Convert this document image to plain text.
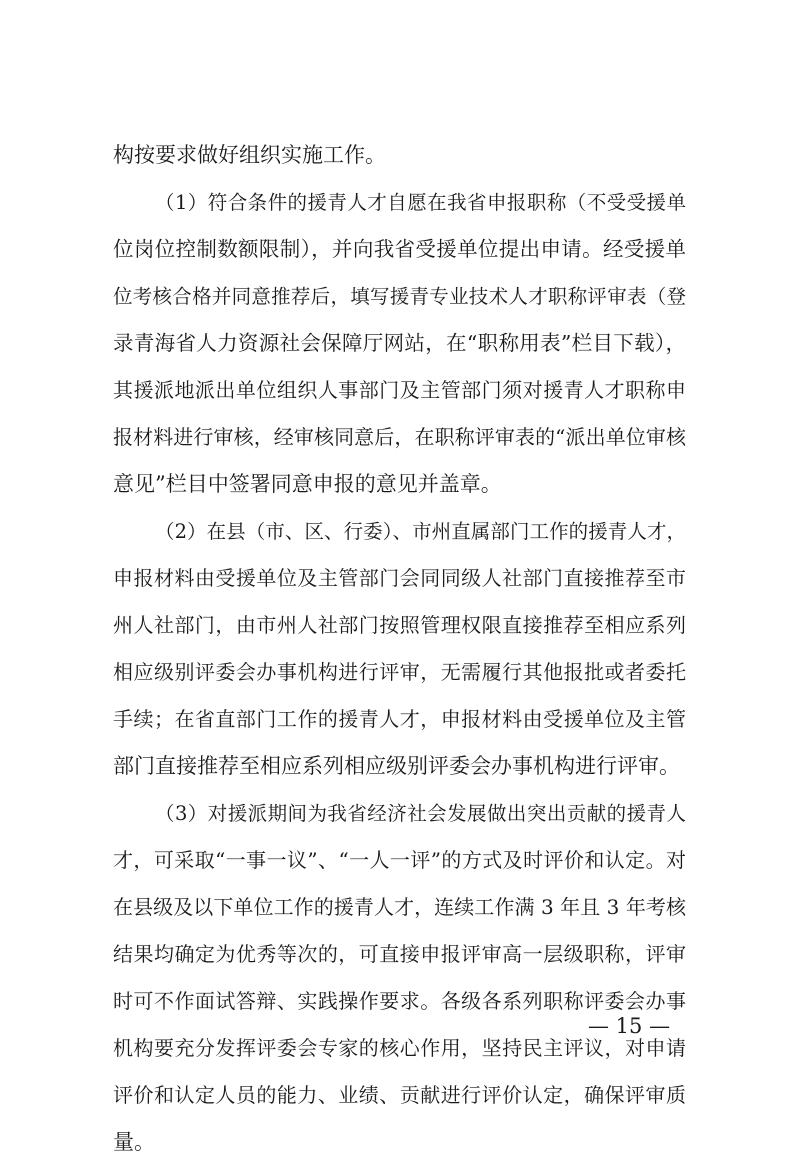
构按要求做好组织实施工作。
（1）符合条件的援青人才自愿在我省申报职称（不受受援单
位岗位控制数额限制），并向我省受援单位提出申请。经受援单
位考核合格并同意推荐后，填写援青专业技术人才职称评审表（登
录青海省人力资源社会保障厅网站，在“职称用表”栏目下载），
其援派地派出单位组织人事部门及主管部门须对援青人才职称申
报材料进行审核，经审核同意后，在职称评审表的“派出单位审核
意见”栏目中签署同意申报的意见并盖章。
（2）在县（市、区、行委）、市州直属部门工作的援青人才，
申报材料由受援单位及主管部门会同同级人社部门直接推荐至市
州人社部门，由市州人社部门按照管理权限直接推荐至相应系列
相应级别评委会办事机构进行评审，无需履行其他报批或者委托
手续；在省直部门工作的援青人才，申报材料由受援单位及主管
部门直接推荐至相应系列相应级别评委会办事机构进行评审。
（3）对援派期间为我省经济社会发展做出突出贡献的援青人
才，可采取“一事一议”、“一人一评”的方式及时评价和认定。对
在县级及以下单位工作的援青人才，连续工作满 3 年且 3 年考核
结果均确定为优秀等次的，可直接申报评审高一层级职称，评审
时可不作面试答辩、实践操作要求。各级各系列职称评委会办事
机构要充分发挥评委会专家的核心作用，坚持民主评议，对申请
评价和认定人员的能力、业绩、贡献进行评价认定，确保评审质
量。
— 15 —
